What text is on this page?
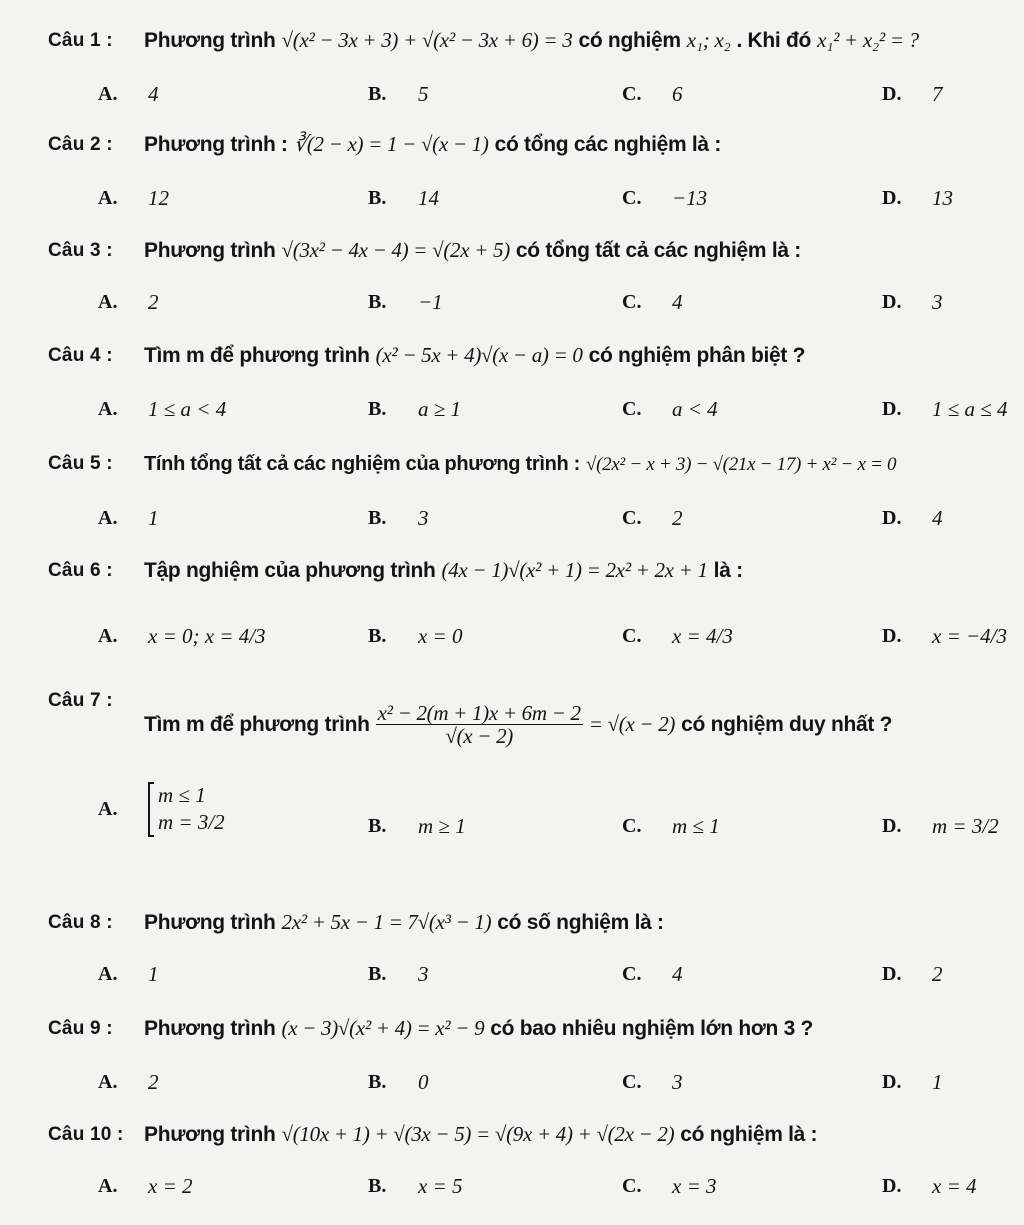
Câu 1 :	Phương trình √(x² − 3x + 3) + √(x² − 3x + 6) = 3 có nghiệm x₁; x₂ . Khi đó x₁² + x₂² = ?
A.	4	B.	5	C.	6	D.	7
Câu 2 :	Phương trình : ∛(2 − x) = 1 − √(x − 1) có tổng các nghiệm là :
A.	12	B.	14	C.	−13	D.	13
Câu 3 :	Phương trình √(3x² − 4x − 4) = √(2x + 5) có tổng tất cả các nghiệm là :
A.	2	B.	−1	C.	4	D.	3
Câu 4 :	Tìm m để phương trình (x² − 5x + 4)√(x − a) = 0 có nghiệm phân biệt ?
A.	1 ≤ a < 4	B.	a ≥ 1	C.	a < 4	D.	1 ≤ a ≤ 4
Câu 5 :	Tính tổng tất cả các nghiệm của phương trình : √(2x² − x + 3) − √(21x − 17) + x² − x = 0
A.	1	B.	3	C.	2	D.	4
Câu 6 :	Tập nghiệm của phương trình (4x − 1)√(x² + 1) = 2x² + 2x + 1 là :
A.	x = 0; x = 4/3	B.	x = 0	C.	x = 4/3	D.	x = −4/3
Câu 7 :
Tìm m để phương trình $\frac{\text{x² − 2(m + 1)x + 6m − 2}}{√(x - 2)} = √(x - 2)$ có nghiệm duy nhất ?
A.
m ≤ 1
m = 3/2	B.	m ≥ 1	C.	m ≤ 1	D.	m = 3/2
Câu 8 :	Phương trình 2x² + 5x − 1 = 7√(x³ − 1) có số nghiệm là :
A.	1	B.	3	C.	4	D.	2
Câu 9 :	Phương trình (x − 3)√(x² + 4) = x² − 9 có bao nhiêu nghiệm lớn hơn 3 ?
A.	2	B.	0	C.	3	D.	1
Câu 10 : Phương trình √(10x + 1) + √(3x − 5) = √(9x + 4) + √(2x − 2) có nghiệm là :
A.	x = 2	B.	x = 5	C.	x = 3	D.	x = 4
